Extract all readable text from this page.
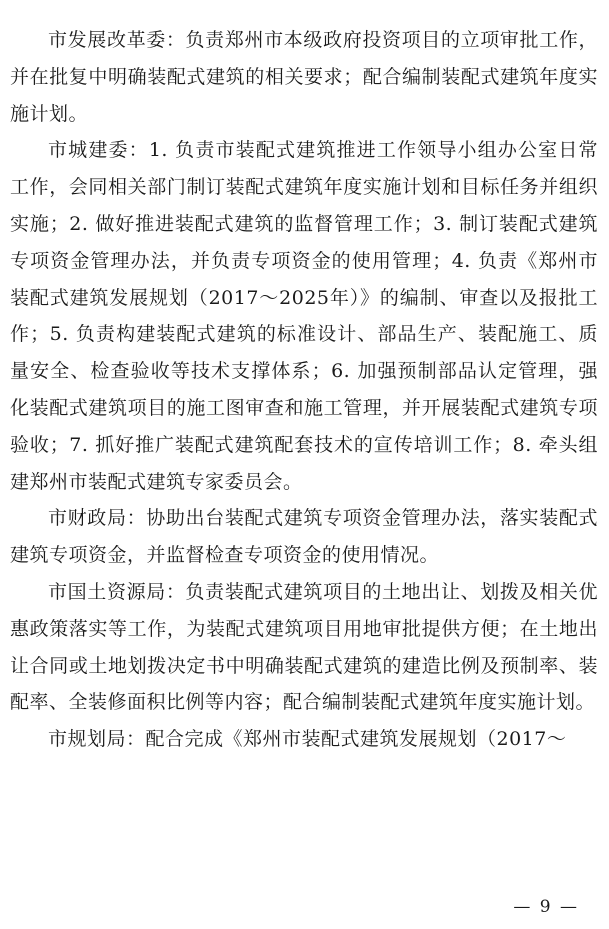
市发展改革委：负责郑州市本级政府投资项目的立项审批工作，并在批复中明确装配式建筑的相关要求；配合编制装配式建筑年度实施计划。

市城建委：1. 负责市装配式建筑推进工作领导小组办公室日常工作，会同相关部门制订装配式建筑年度实施计划和目标任务并组织实施；2. 做好推进装配式建筑的监督管理工作；3. 制订装配式建筑专项资金管理办法，并负责专项资金的使用管理；4. 负责《郑州市装配式建筑发展规划（2017～2025年）》的编制、审查以及报批工作；5. 负责构建装配式建筑的标准设计、部品生产、装配施工、质量安全、检查验收等技术支撑体系；6. 加强预制部品认定管理，强化装配式建筑项目的施工图审查和施工管理，并开展装配式建筑专项验收；7. 抓好推广装配式建筑配套技术的宣传培训工作；8. 牵头组建郑州市装配式建筑专家委员会。

市财政局：协助出台装配式建筑专项资金管理办法，落实装配式建筑专项资金，并监督检查专项资金的使用情况。

市国土资源局：负责装配式建筑项目的土地出让、划拨及相关优惠政策落实等工作，为装配式建筑项目用地审批提供方便；在土地出让合同或土地划拨决定书中明确装配式建筑的建造比例及预制率、装配率、全装修面积比例等内容；配合编制装配式建筑年度实施计划。

市规划局：配合完成《郑州市装配式建筑发展规划（2017～

— 9 —
